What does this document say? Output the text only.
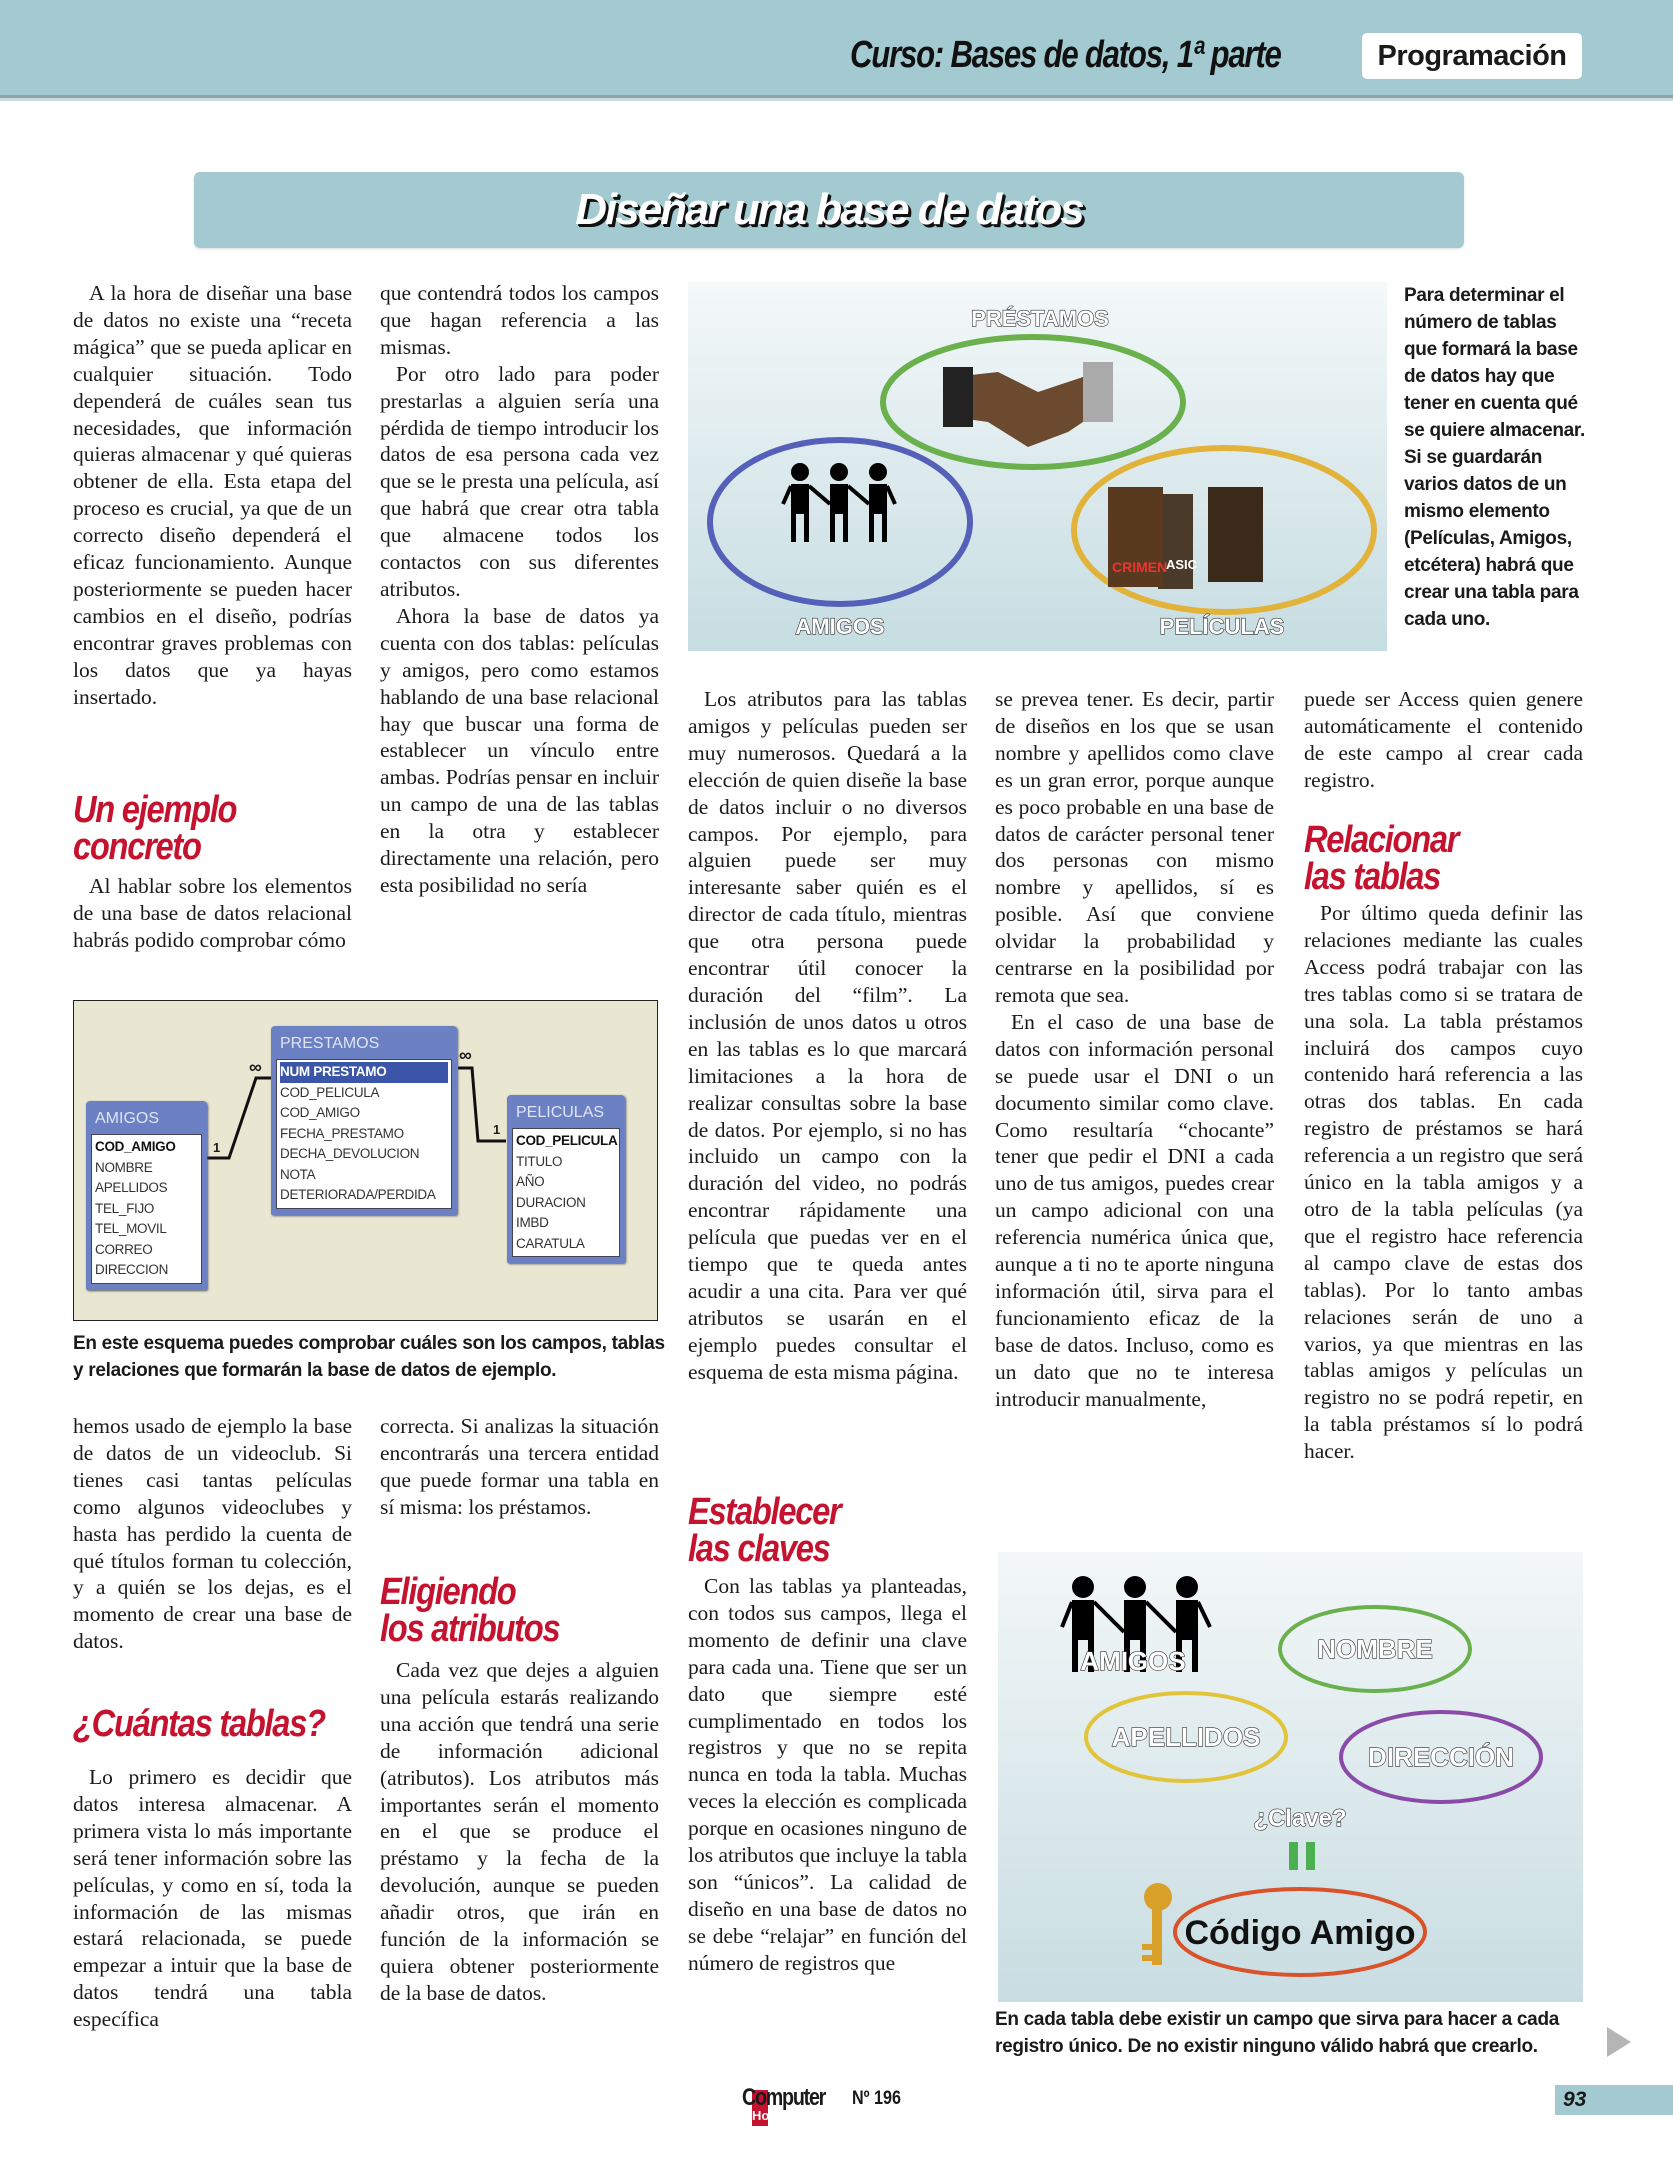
Curso: Bases de datos, 1ª parte	Programación
Diseñar una base de datos

A la hora de diseñar una base de datos no existe una “receta mágica” que se pueda aplicar en cualquier situación. Todo dependerá de cuáles sean tus necesidades, que información quieras almacenar y qué quieras obtener de ella. Esta etapa del proceso es crucial, ya que de un correcto diseño dependerá el eficaz funcionamiento. Aunque posteriormente se pueden hacer cambios en el diseño, podrías encontrar graves problemas con los datos que ya hayas insertado.

Un ejemplo
concreto

Al hablar sobre los elementos de una base de datos relacional habrás podido comprobar cómo

que contendrá todos los campos que hagan referencia a las mismas.

Por otro lado para poder prestarlas a alguien sería una pérdida de tiempo introducir los datos de esa persona cada vez que se le presta una película, así que habrá que crear otra tabla que almacene todos los contactos con sus diferentes atributos.

Ahora la base de datos ya cuenta con dos tablas: películas y amigos, pero como estamos hablando de una base relacional hay que buscar una forma de establecer un vínculo entre ambas. Podrías pensar en incluir un campo de una de las tablas en la otra y establecer directamente una relación, pero esta posibilidad no sería

AMIGOS
COD_AMIGO
NOMBRE
APELLIDOS
TEL_FIJO
TEL_MOVIL
CORREO
DIRECCION
PRESTAMOS
NUM PRESTAMO
COD_PELICULA
COD_AMIGO
FECHA_PRESTAMO
DECHA_DEVOLUCION
NOTA
DETERIORADA/PERDIDA
PELICULAS
COD_PELICULA
TITULO
AÑO
DURACION
IMBD
CARATULA
1
∞
∞
1
En este esquema puedes comprobar cuáles son los campos, tablas y relaciones que formarán la base de datos de ejemplo.

hemos usado de ejemplo la base de datos de un videoclub. Si tienes casi tantas películas como algunos videoclubes y hasta has perdido la cuenta de qué títulos forman tu colección, y a quién se los dejas, es el momento de crear una base de datos.

¿Cuántas tablas?

Lo primero es decidir que datos interesa almacenar. A primera vista lo más importante será tener información sobre las películas, y como en sí, toda la información de las mismas estará relacionada, se puede empezar a intuir que la base de datos tendrá una tabla específica

correcta. Si analizas la situación encontrarás una tercera entidad que puede formar una tabla en sí misma: los préstamos.

Eligiendo
los atributos

Cada vez que dejes a alguien una película estarás realizando una acción que tendrá una serie de información adicional (atributos). Los atributos más importantes serán el momento en el que se produce el préstamo y la fecha de la devolución, aunque se pueden añadir otros, que irán en función de la información se quiera obtener posteriormente de la base de datos.

CRIMEN
ASIC
PRÉSTAMOS
AMIGOS	PELÍCULAS
Para determinar el número de tablas que formará la base de datos hay que tener en cuenta qué se quiere almacenar. Si se guardarán varios datos de un mismo elemento (Películas, Amigos, etcétera) habrá que crear una tabla para cada uno.

Los atributos para las tablas amigos y películas pueden ser muy numerosos. Quedará a la elección de quien diseñe la base de datos incluir o no diversos campos. Por ejemplo, para alguien puede ser muy interesante saber quién es el director de cada título, mientras que otra persona puede encontrar útil conocer la duración del “film”. La inclusión de unos datos u otros en las tablas es lo que marcará limitaciones a la hora de realizar consultas sobre la base de datos. Por ejemplo, si no has incluido un campo con la duración del video, no podrás encontrar rápidamente una película que puedas ver en el tiempo que te queda antes acudir a una cita. Para ver qué atributos se usarán en el ejemplo puedes consultar el esquema de esta misma página.

Establecer
las claves

Con las tablas ya planteadas, con todos sus campos, llega el momento de definir una clave para cada una. Tiene que ser un dato que siempre esté cumplimentado en todos los registros y que no se repita nunca en toda la tabla. Muchas veces la elección es complicada porque en ocasiones ninguno de los atributos que incluye la tabla son “únicos”. La calidad de diseño en una base de datos no se debe “relajar” en función del número de registros que

se prevea tener. Es decir, partir de diseños en los que se usan nombre y apellidos como clave es un gran error, porque aunque es poco probable en una base de datos de carácter personal tener dos personas con mismo nombre y apellidos, sí es posible. Así que conviene olvidar la probabilidad y centrarse en la posibilidad por remota que sea.

En el caso de una base de datos con información personal se puede usar el DNI o un documento similar como clave. Como resultaría “chocante” tener que pedir el DNI a cada uno de tus amigos, puedes crear un campo adicional con una referencia numérica única que, aunque a ti no te aporte ninguna información útil, sirva para el funcionamiento eficaz de la base de datos. Incluso, como es un dato que no te interesa introducir manualmente,

puede ser Access quien genere automáticamente el contenido de este campo al crear cada registro.

Relacionar
las tablas

Por último queda definir las relaciones mediante las cuales Access podrá trabajar con las tres tablas como si se tratara de una sola. La tabla préstamos incluirá dos campos cuyo contenido hará referencia a las otras dos tablas. En cada registro de préstamos se hará referencia a un registro que será único en la tabla amigos y a otro de la tabla películas (ya que el registro hace referencia al campo clave de estas dos tablas). Por lo tanto ambas relaciones serán de uno a varios, ya que mientras en las tablas amigos y películas un registro no se podrá repetir, en la tabla préstamos sí lo podrá hacer.

AMIGOS	NOMBRE
APELLIDOS
DIRECCIÓN
¿Clave?
Código Amigo
En cada tabla debe existir un campo que sirva para hacer a cada registro único. De no existir ninguno válido habrá que crearlo.
Computer
Hoy
Nº 196	93
